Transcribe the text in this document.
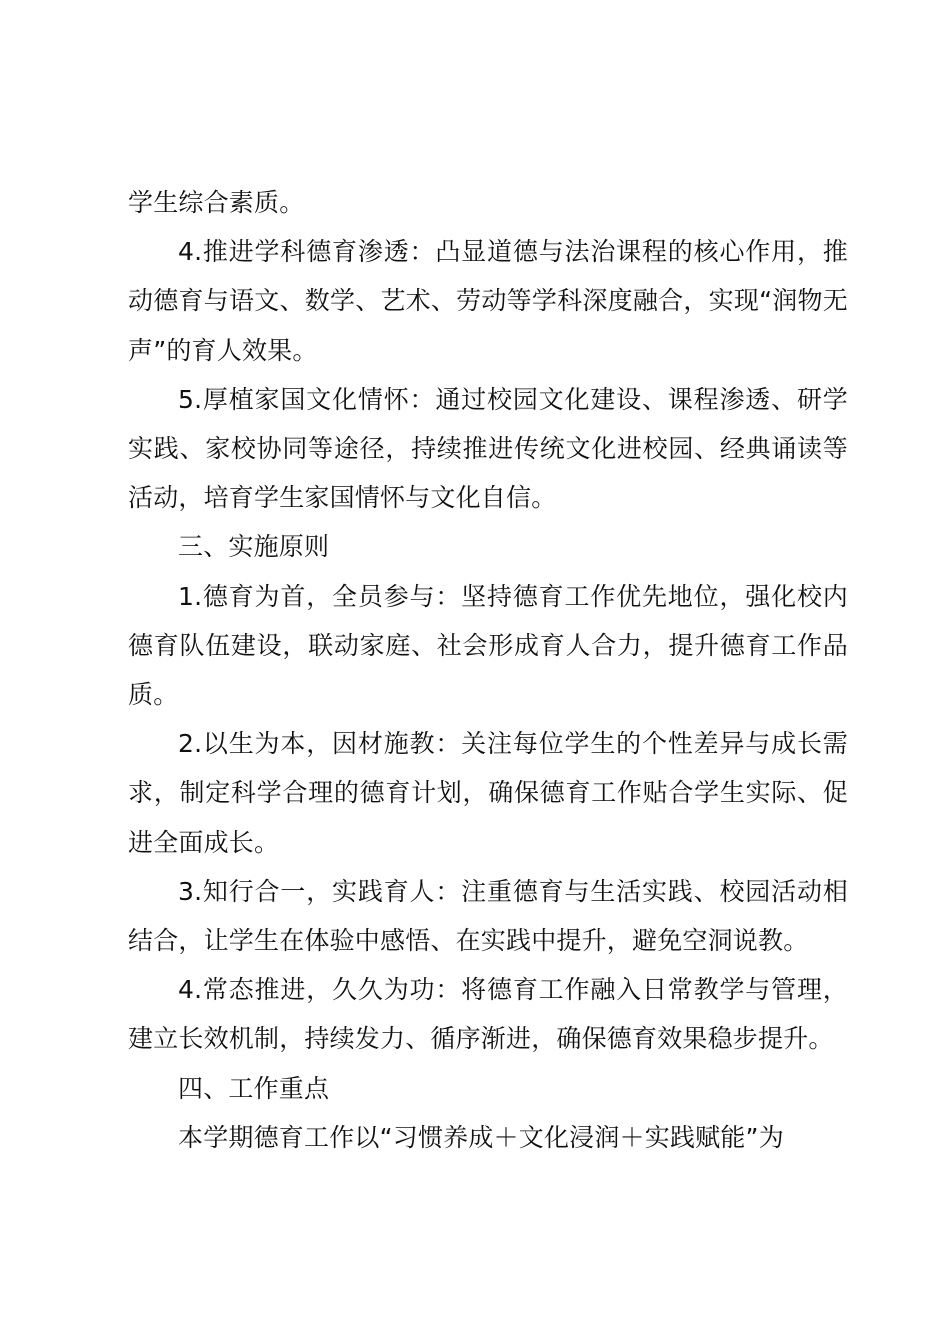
学生综合素质。

4.推进学科德育渗透：凸显道德与法治课程的核心作用，推动德育与语文、数学、艺术、劳动等学科深度融合，实现“润物无声”的育人效果。

5.厚植家国文化情怀：通过校园文化建设、课程渗透、研学实践、家校协同等途径，持续推进传统文化进校园、经典诵读等活动，培育学生家国情怀与文化自信。

三、实施原则

1.德育为首，全员参与：坚持德育工作优先地位，强化校内德育队伍建设，联动家庭、社会形成育人合力，提升德育工作品质。

2.以生为本，因材施教：关注每位学生的个性差异与成长需求，制定科学合理的德育计划，确保德育工作贴合学生实际、促进全面成长。

3.知行合一，实践育人：注重德育与生活实践、校园活动相结合，让学生在体验中感悟、在实践中提升，避免空洞说教。

4.常态推进，久久为功：将德育工作融入日常教学与管理，建立长效机制，持续发力、循序渐进，确保德育效果稳步提升。

四、工作重点

本学期德育工作以“习惯养成＋文化浸润＋实践赋能”为
